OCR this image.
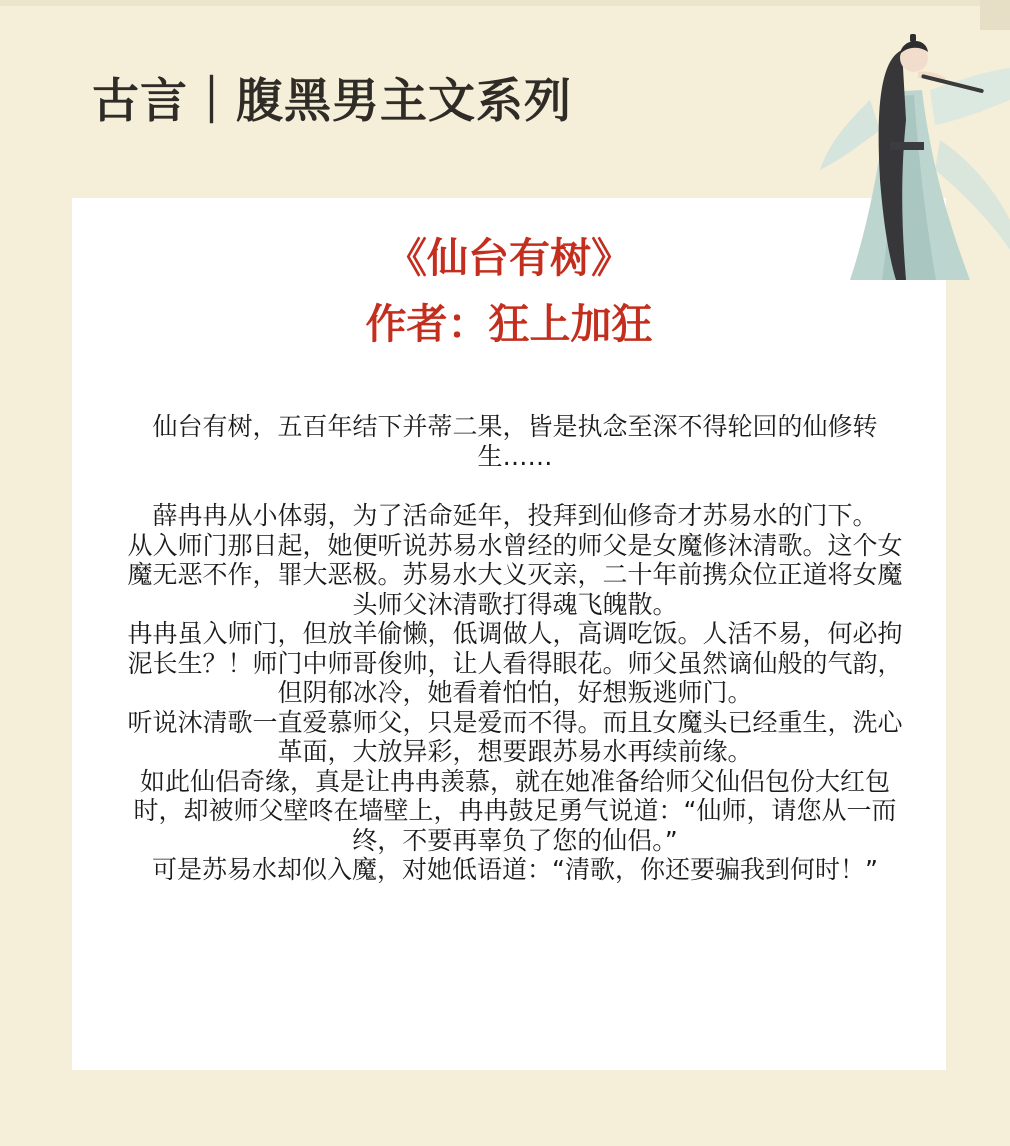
古言｜腹黑男主文系列
《仙台有树》
作者：狂上加狂

仙台有树，五百年结下并蒂二果，皆是执念至深不得轮回的仙修转生……

薛冉冉从小体弱，为了活命延年，投拜到仙修奇才苏易水的门下。

从入师门那日起，她便听说苏易水曾经的师父是女魔修沐清歌。这个女魔无恶不作，罪大恶极。苏易水大义灭亲，二十年前携众位正道将女魔头师父沐清歌打得魂飞魄散。

冉冉虽入师门，但放羊偷懒，低调做人，高调吃饭。人活不易，何必拘泥长生？！师门中师哥俊帅，让人看得眼花。师父虽然谪仙般的气韵，但阴郁冰冷，她看着怕怕，好想叛逃师门。

听说沐清歌一直爱慕师父，只是爱而不得。而且女魔头已经重生，洗心革面，大放异彩，想要跟苏易水再续前缘。

如此仙侣奇缘，真是让冉冉羡慕，就在她准备给师父仙侣包份大红包时，却被师父壁咚在墙壁上，冉冉鼓足勇气说道：“仙师，请您从一而终，不要再辜负了您的仙侣。”

可是苏易水却似入魔，对她低语道：“清歌，你还要骗我到何时！”
